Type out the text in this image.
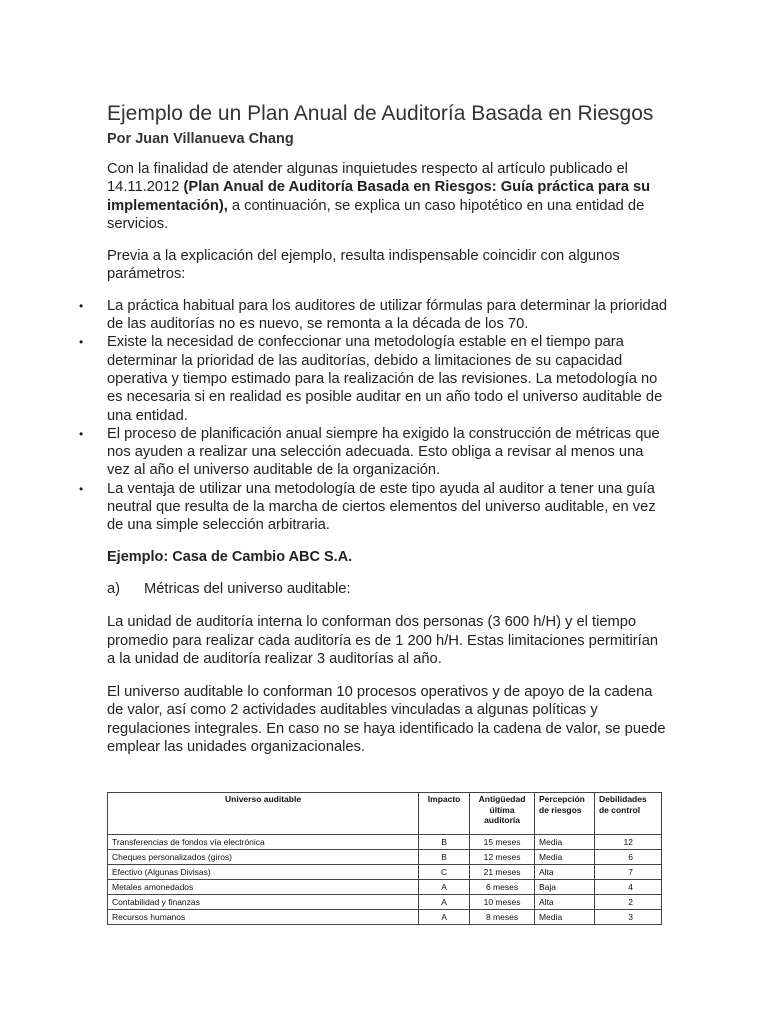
Ejemplo de un Plan Anual de Auditoría Basada en Riesgos
Por Juan Villanueva Chang

Con la finalidad de atender algunas inquietudes respecto al artículo publicado el 14.11.2012 (Plan Anual de Auditoría Basada en Riesgos: Guía práctica para su implementación), a continuación, se explica un caso hipotético en una entidad de servicios.

Previa a la explicación del ejemplo, resulta indispensable coincidir con algunos parámetros:

• La práctica habitual para los auditores de utilizar fórmulas para determinar la prioridad de las auditorías no es nuevo, se remonta a la década de los 70.
• Existe la necesidad de confeccionar una metodología estable en el tiempo para determinar la prioridad de las auditorías, debido a limitaciones de su capacidad operativa y tiempo estimado para la realización de las revisiones. La metodología no es necesaria si en realidad es posible auditar en un año todo el universo auditable de una entidad.
• El proceso de planificación anual siempre ha exigido la construcción de métricas que nos ayuden a realizar una selección adecuada. Esto obliga a revisar al menos una vez al año el universo auditable de la organización.
• La ventaja de utilizar una metodología de este tipo ayuda al auditor a tener una guía neutral que resulta de la marcha de ciertos elementos del universo auditable, en vez de una simple selección arbitraria.

Ejemplo: Casa de Cambio ABC S.A.

a) Métricas del universo auditable:

La unidad de auditoría interna lo conforman dos personas (3 600 h/H) y el tiempo promedio para realizar cada auditoría es de 1 200 h/H. Estas limitaciones permitirían a la unidad de auditoría realizar 3 auditorías al año.

El universo auditable lo conforman 10 procesos operativos y de apoyo de la cadena de valor, así como 2 actividades auditables vinculadas a algunas políticas y regulaciones integrales. En caso no se haya identificado la cadena de valor, se puede emplear las unidades organizacionales.

Universo auditable	Impacto	Antigüedad última auditoría	Percepción de riesgos	Debilidades de control
Transferencias de fondos vía electrónica	B	15 meses	Media	12
Cheques personalizados (giros)	B	12 meses	Media	6
Efectivo (Algunas Divisas)	C	21 meses	Alta	7
Metales amonedados	A	6 meses	Baja	4
Contabilidad y finanzas	A	10 meses	Alta	2
Recursos humanos	A	8 meses	Media	3
